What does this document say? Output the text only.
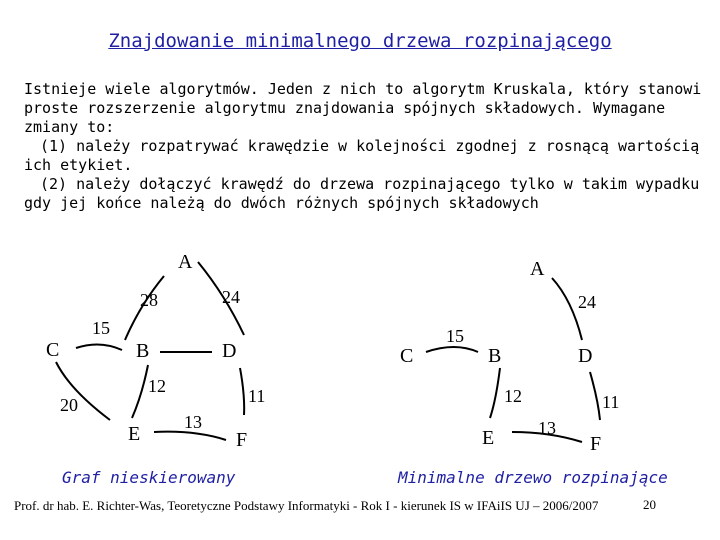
Znajdowanie minimalnego drzewa rozpinającego

Istnieje wiele algorytmów. Jeden z nich to algorytm Kruskala, który stanowi proste rozszerzenie algorytmu znajdowania spójnych składowych. Wymagane zmiany to:

(1) należy rozpatrywać krawędzie w kolejności zgodnej z rosnącą wartością ich etykiet.

(2) należy dołączyć krawędź do drzewa rozpinającego tylko w takim wypadku gdy jej końce należą do dwóch różnych spójnych składowych

A
B
C	D
E	F
28	24
15
20
12	11
13
A
B
C	D
E	F
24
15
12	11
13
Graf nieskierowany	Minimalne drzewo rozpinające
Prof. dr hab. E. Richter-Was, Teoretyczne Podstawy Informatyki - Rok I - kierunek IS w IFAiIS UJ – 2006/2007	20
